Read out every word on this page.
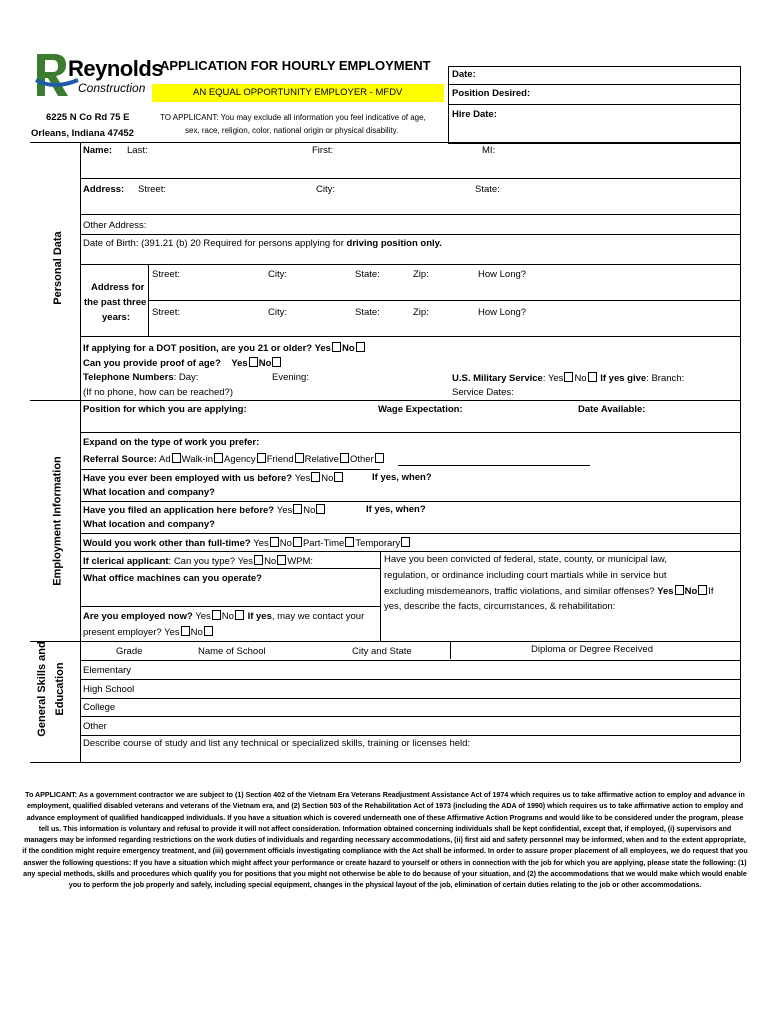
Reynolds
Construction
6225 N Co Rd 75 E
Orleans, Indiana 47452
APPLICATION FOR HOURLY EMPLOYMENT
AN EQUAL OPPORTUNITY EMPLOYER - MFDV
TO APPLICANT: You may exclude all information you feel indicative of age,
sex, race, religion, color, national origin or physical disability.
Date:
Position Desired:
Hire Date:
Personal Data
Name: Last:	First:	MI:
Address: Street:	City:	State:
Other Address:
Date of Birth: (391.21 (b) 20 Required for persons applying for driving position only.
Address for
the past three
years:
Street:	City:	State:	Zip:	How Long?
Street:	City:	State:	Zip:	How Long?
If applying for a DOT position, are you 21 or older? Yes No
Can you provide proof of age? Yes No
Telephone Numbers: Day:	Evening:	U.S. Military Service: Yes No If yes give: Branch:
(If no phone, how can be reached?)	Service Dates:
Employment Information
Position for which you are applying:	Wage Expectation:	Date Available:
Expand on the type of work you prefer:
Referral Source: Ad Walk-in Agency Friend Relative Other
Have you ever been employed with us before? Yes No	If yes, when?
What location and company?
Have you filed an application here before? Yes No	If yes, when?
What location and company?
Would you work other than full-time? Yes No Part-Time Temporary
If clerical applicant: Can you type? Yes No WPM:
What office machines can you operate?
Are you employed now? Yes No If yes, may we contact your
present employer? Yes No
Have you been convicted of federal, state, county, or municipal law,
regulation, or ordinance including court martials while in service but
excluding misdemeanors, traffic violations, and similar offenses? Yes No If
yes, describe the facts, circumstances, & rehabilitation:
General Skills and Education
Grade	Name of School	City and State	Diploma or Degree Received
Elementary
High School
College
Other
Describe course of study and list any technical or specialized skills, training or licenses held:
To APPLICANT: As a government contractor we are subject to (1) Section 402 of the Vietnam Era Veterans Readjustment Assistance Act of 1974 which requires us to take affirmative action to employ and advance in employment, qualified disabled veterans and veterans of the Vietnam era, and (2) Section 503 of the Rehabilitation Act of 1973 (including the ADA of 1990) which requires us to take affirmative action to employ and advance employment of qualified handicapped individuals. If you have a situation which is covered underneath one of these Affirmative Action Programs and would like to be considered under the program, please tell us. This information is voluntary and refusal to provide it will not affect consideration. Information obtained concerning individuals shall be kept confidential, except that, if employed, (i) supervisors and managers may be informed regarding restrictions on the work duties of individuals and regarding necessary accommodations, (ii) first aid and safety personnel may be informed, when and to the extent appropriate, if the condition might require emergency treatment, and (iii) government officials investigating compliance with the Act shall be informed. In order to assure proper placement of all employees, we do request that you answer the following questions: If you have a situation which might affect your performance or create hazard to yourself or others in connection with the job for which you are applying, please state the following: (1) any special methods, skills and procedures which qualify you for positions that you might not otherwise be able to do because of your situation, and (2) the accommodations that we would make which would enable you to perform the job properly and safely, including special equipment, changes in the physical layout of the job, elimination of certain duties relating to the job or other accommodations.
